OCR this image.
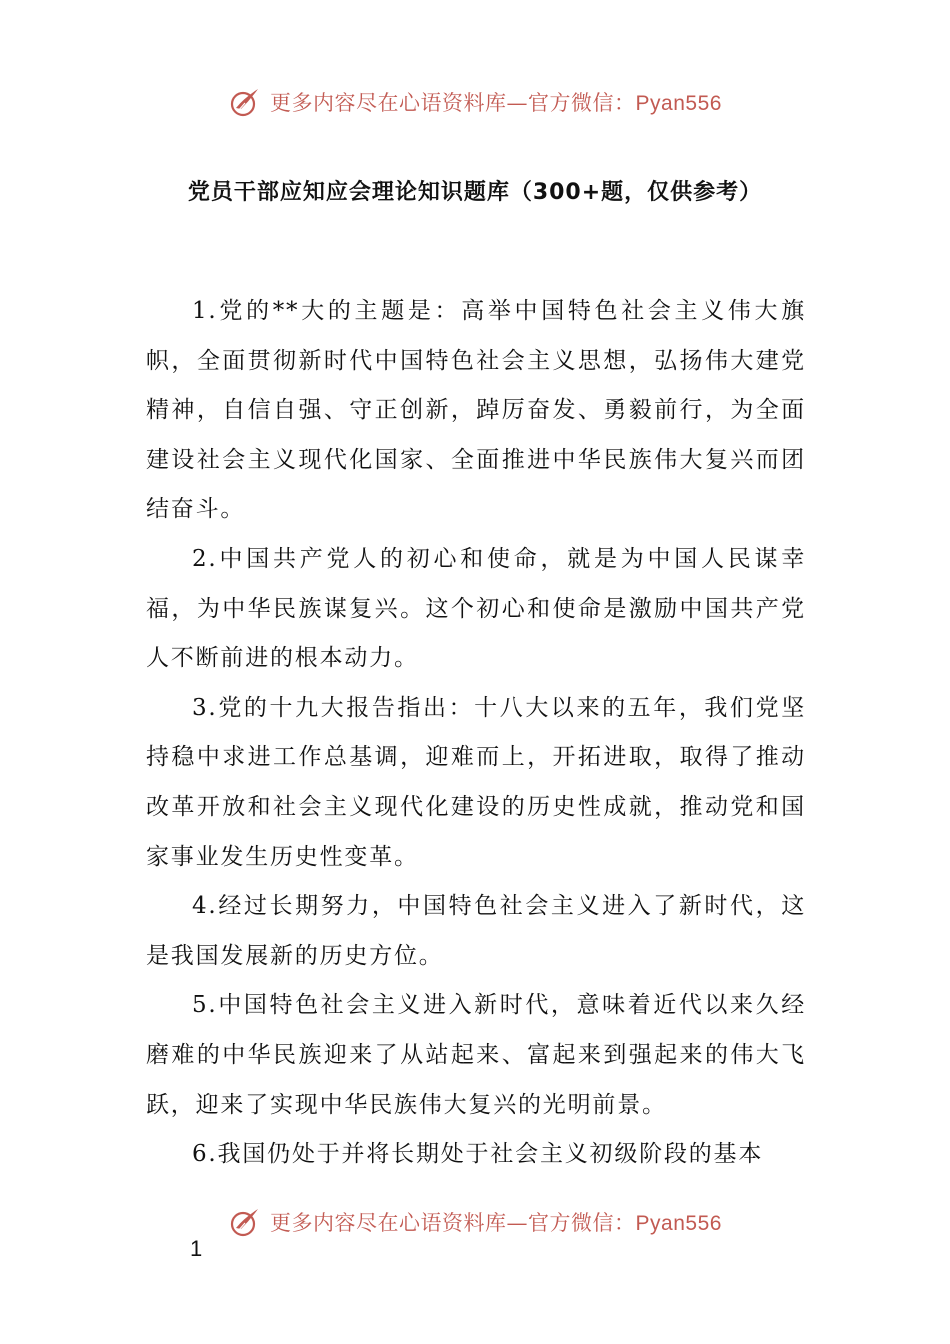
更多内容尽在心语资料库—官方微信：Pyan556
党员干部应知应会理论知识题库（300+题，仅供参考）

1.党的**大的主题是：高举中国特色社会主义伟大旗帜，全面贯彻新时代中国特色社会主义思想，弘扬伟大建党精神，自信自强、守正创新，踔厉奋发、勇毅前行，为全面建设社会主义现代化国家、全面推进中华民族伟大复兴而团结奋斗。

2.中国共产党人的初心和使命，就是为中国人民谋幸福，为中华民族谋复兴。这个初心和使命是激励中国共产党人不断前进的根本动力。

3.党的十九大报告指出：十八大以来的五年，我们党坚持稳中求进工作总基调，迎难而上，开拓进取，取得了推动改革开放和社会主义现代化建设的历史性成就，推动党和国家事业发生历史性变革。

4.经过长期努力，中国特色社会主义进入了新时代，这是我国发展新的历史方位。

5.中国特色社会主义进入新时代，意味着近代以来久经磨难的中华民族迎来了从站起来、富起来到强起来的伟大飞跃，迎来了实现中华民族伟大复兴的光明前景。

6.我国仍处于并将长期处于社会主义初级阶段的基本

更多内容尽在心语资料库—官方微信：Pyan556
1
